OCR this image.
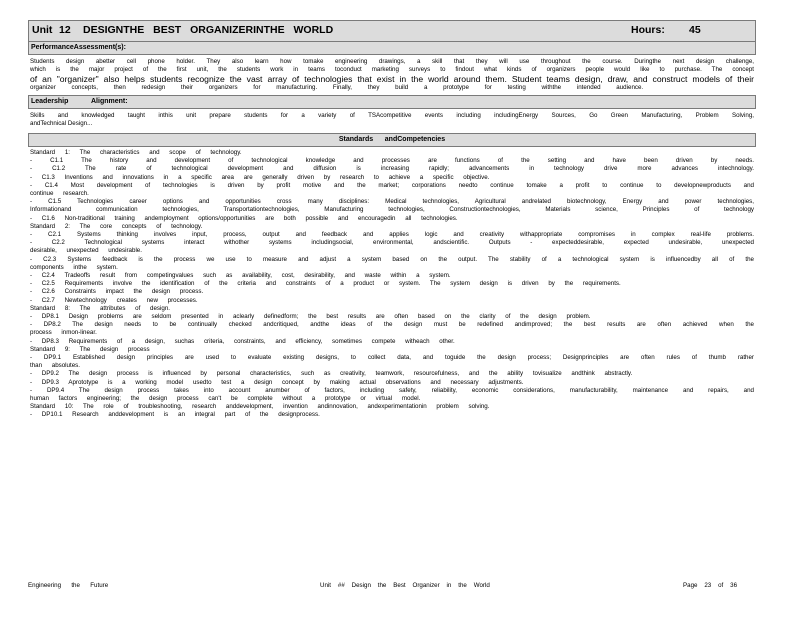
Unit 12 DESIGNTHE BEST ORGANIZERINTHE WORLD	Hours: 45
PerformanceAssessment(s):
Students design abetter cell phone holder. They also learn how tomake engineering drawings, a skill that they will use throughout the course. Duringthe next design challenge,
which is the major project of the first unit, the students work in teams toconduct marketing surveys to findout what kinds of organizers people would like to purchase. The concept
of an "organizer" also helps students recognize the vast array of technologies that exist in the world around them. Student teams design, draw, and construct models of their
organizer concepts, then redesign their organizers for manufacturing. Finally, they build a prototype for testing withthe intended audience.
Leadership	Alignment:
Skills and knowledged taught inthis unit prepare students for a variety of TSAcompetitive events including includingEnergy Sources, Go Green Manufacturing, Problem Solving,
andTechnical Design...
Standards      andCompetencies
Standard 1: The characteristics and scope of technology.
- C1.1 The history and development of technological knowledge and processes are functions of the setting and have been driven by needs.
- C1.2 The rate of technological development and diffusion is increasing rapidly; advancements in technology drive more advances intechnology.
- C1.3 Inventions and innovations in a specific area are generally driven by research to achieve a specific objective.
- C1.4 Most development of technologies is driven by profit motive and the market; corporations needto continue tomake a profit to continue to developnewproducts and
continue research.
- C1.5 Technologies career options and opportunities cross many disciplines: Medical technologies, Agricultural andrelated biotechnology, Energy and power technologies,
Informationand communication technologies, Transportationtechnologies, Manufacturing technologies, Constructiontechnologies, Materials science, Principles of technology
- C1.6 Non-traditional training andemployment options/opportunities are both possible and encouragedin all technologies.
Standard 2: The core concepts of technology.
- C2.1 Systems thinking involves input, process, output and feedback and applies logic and creativity withappropriate compromises in complex real-life problems.
- C2.2 Technological systems interact withother systems includingsocial, environmental, andscientific. Outputs - expecteddesirable, expected undesirable, unexpected
desirable, unexpected undesirable.
- C2.3 Systems feedback is the process we use to measure and adjust a system based on the output. The stability of a technological system is influencedby all of the
components inthe system.
- C2.4 Tradeoffs result from competingvalues such as availability, cost, desirability, and waste within a system.
- C2.5 Requirements involve the identification of the criteria and constraints of a product or system. The system design is driven by the requirements.
- C2.6 Constraints impact the design process.
- C2.7 Newtechnology creates new processes.
Standard 8: The attributes of design.
- DP8.1 Design problems are seldom presented in aclearly definedform; the best results are often based on the clarity of the design problem.
- DP8.2 The design needs to be continually checked andcritiqued, andthe ideas of the design must be redefined andimproved; the best results are often achieved when the
process inmon-linear.
- DP8.3 Requirements of a design, suchas criteria, constraints, and efficiency, sometimes compete witheach other.
Standard 9: The design process
- DP9.1 Established design principles are used to evaluate existing designs, to collect data, and toguide the design process; Designprinciples are often rules of thumb rather
than absolutes.
- DP9.2 The design process is influenced by personal characteristics, such as creativity, teamwork, resourcefulness, and the ability tovisualize andthink abstractly.
- DP9.3 Aprototype is a working model usedto test a design concept by making actual observations and necessary adjustments.
- DP9.4 The design process takes into account anumber of factors, including safety, reliability, economic considerations, manufacturability, maintenance and repairs, and
human factors engineering; the design process can't be complete without a prototype or virtual model.
Standard 10: The role of troubleshooting, research anddevelopment, invention andinnovation, andexperimentationin problem solving.
- DP10.1 Research anddevelopment is an integral part of the designprocess.
Engineering      the      Future	Unit    ##    Design    the    Best    Organizer    in    the    World	Page    23    of    36
